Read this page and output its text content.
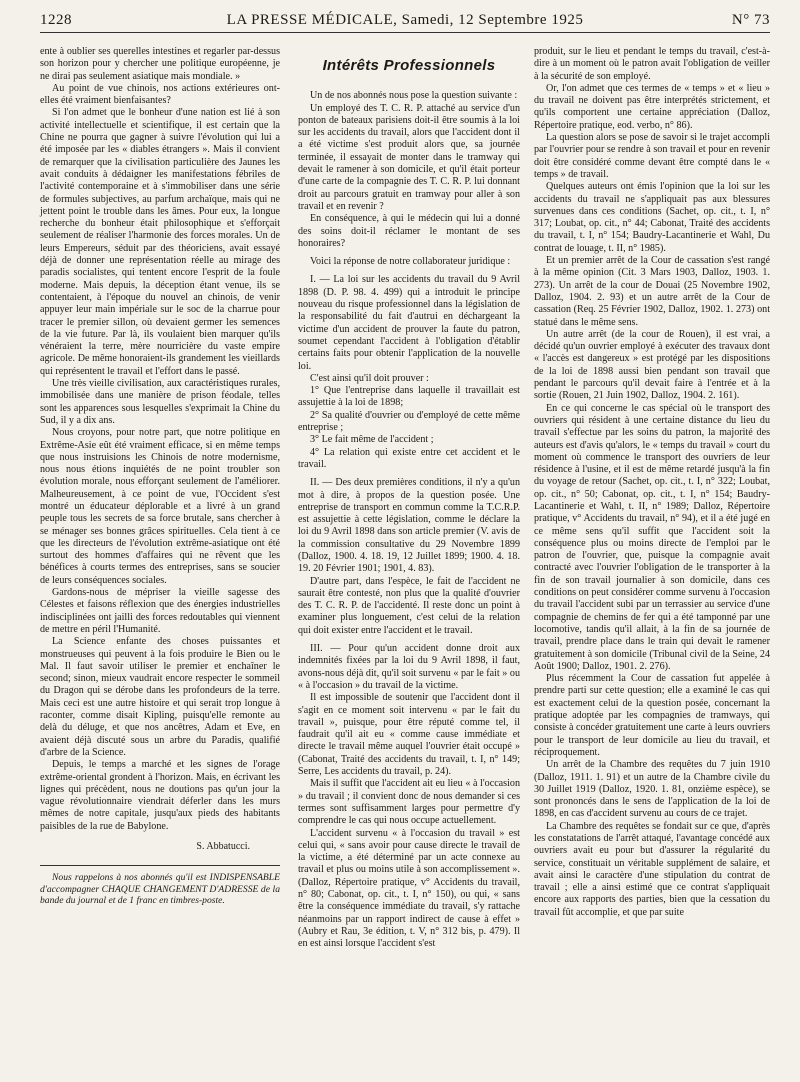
1228	LA PRESSE MÉDICALE, Samedi, 12 Septembre 1925	N° 73

ente à oublier ses querelles intestines et regarler par-dessus son horizon pour y chercher une politique européenne, je ne dirai pas seulement asiatique mais mondiale. »

Au point de vue chinois, nos actions extérieures ont-elles été vraiment bienfaisantes?

Si l'on admet que le bonheur d'une nation est lié à son activité intellectuelle et scientifique, il est certain que la Chine ne pourra que gagner à suivre l'évolution qui lui a été imposée par les « diables étrangers ». Mais il convient de remarquer que la civilisation particulière des Jaunes les avait conduits à dédaigner les manifestations fébriles de l'activité contemporaine et à s'immobiliser dans une série de formules subjectives, au parfum archaïque, mais qui ne jettent point le trouble dans les âmes. Pour eux, la longue recherche du bonheur était philosophique et s'efforçait seulement de réaliser l'harmonie des forces morales. Un de leurs Empereurs, séduit par des théoriciens, avait essayé déjà de donner une représentation réelle au mirage des paradis socialistes, qui tentent encore l'esprit de la foule moderne. Mais depuis, la déception étant venue, ils se contentaient, à l'époque du nouvel an chinois, de venir appuyer leur main impériale sur le soc de la charrue pour tracer le premier sillon, où devaient germer les semences de la vie future. Par là, ils voulaient bien marquer qu'ils vénéraient la terre, mère nourricière du vaste empire agricole. De même honoraient-ils grandement les vieillards qui représentent le travail et l'effort dans le passé.

Une très vieille civilisation, aux caractéristiques rurales, immobilisée dans une manière de prison féodale, telles sont les apparences sous lesquelles s'exprimait la Chine du Sud, il y a dix ans.

Nous croyons, pour notre part, que notre politique en Extrême-Asie eût été vraiment efficace, si en même temps que nous instruisions les Chinois de notre modernisme, nous nous étions inquiétés de ne point troubler son évolution morale, nous efforçant seulement de l'améliorer. Malheureusement, à ce point de vue, l'Occident s'est montré un éducateur déplorable et a livré à un grand peuple tous les secrets de sa force brutale, sans chercher à se ménager ses bonnes grâces spirituelles. Cela tient à ce que les directeurs de l'évolution extrême-asiatique ont été surtout des hommes d'affaires qui ne rêvent que les bénéfices à courts termes des entreprises, sans se soucier de leurs conséquences sociales.

Gardons-nous de mépriser la vieille sagesse des Célestes et faisons réflexion que des énergies industrielles indisciplinées ont jailli des forces redoutables qui viennent de mettre en péril l'Humanité.

La Science enfante des choses puissantes et monstrueuses qui peuvent à la fois produire le Bien ou le Mal. Il faut savoir utiliser le premier et enchaîner le second; sinon, mieux vaudrait encore respecter le sommeil du Dragon qui se dérobe dans les profondeurs de la terre. Mais ceci est une autre histoire et qui serait trop longue à raconter, comme disait Kipling, puisqu'elle remonte au delà du déluge, et que nos ancêtres, Adam et Eve, en avaient déjà discuté sous un arbre du Paradis, qualifié d'arbre de la Science.

Depuis, le temps a marché et les signes de l'orage extrême-oriental grondent à l'horizon. Mais, en écrivant les lignes qui précèdent, nous ne doutions pas qu'un jour la vague révolutionnaire viendrait déferler dans les murs mêmes de notre capitale, jusqu'aux pieds des habitants paisibles de la rue de Babylone.

S. Abbatucci.

Nous rappelons à nos abonnés qu'il est INDISPENSABLE d'accompagner CHAQUE CHANGEMENT D'ADRESSE de la bande du journal et de 1 franc en timbres-poste.

Intérêts Professionnels

Un de nos abonnés nous pose la question suivante :

Un employé des T. C. R. P. attaché au service d'un ponton de bateaux parisiens doit-il être soumis à la loi sur les accidents du travail, alors que l'accident dont il a été victime s'est produit alors que, sa journée terminée, il essayait de monter dans le tramway qui devait le ramener à son domicile, et qu'il était porteur d'une carte de la compagnie des T. C. R. P. lui donnant droit au parcours gratuit en tramway pour aller à son travail et en revenir ?

En conséquence, à qui le médecin qui lui a donné des soins doit-il réclamer le montant de ses honoraires?

Voici la réponse de notre collaborateur juridique :

I. — La loi sur les accidents du travail du 9 Avril 1898 (D. P. 98. 4. 499) qui a introduit le principe nouveau du risque professionnel dans la législation de la responsabilité du fait d'autrui en déchargeant la victime d'un accident de prouver la faute du patron, soumet cependant l'accident à l'obligation d'établir certains faits pour obtenir l'application de la nouvelle loi.

C'est ainsi qu'il doit prouver :

1° Que l'entreprise dans laquelle il travaillait est assujettie à la loi de 1898;

2° Sa qualité d'ouvrier ou d'employé de cette même entreprise ;

3° Le fait même de l'accident ;

4° La relation qui existe entre cet accident et le travail.

II. — Des deux premières conditions, il n'y a qu'un mot à dire, à propos de la question posée. Une entreprise de transport en commun comme la T.C.R.P. est assujettie à cette législation, comme le déclare la loi du 9 Avril 1898 dans son article premier (V. avis de la commission consultative du 29 Novembre 1899 (Dalloz, 1900. 4. 18. 19, 12 Juillet 1899; 1900. 4. 18. 19. 20 Février 1901; 1901, 4. 83).

D'autre part, dans l'espèce, le fait de l'accident ne saurait être contesté, non plus que la qualité d'ouvrier des T. C. R. P. de l'accidenté. Il reste donc un point à examiner plus longuement, c'est celui de la relation qui doit exister entre l'accident et le travail.

III. — Pour qu'un accident donne droit aux indemnités fixées par la loi du 9 Avril 1898, il faut, avons-nous déjà dit, qu'il soit survenu « par le fait » ou « à l'occasion » du travail de la victime.

Il est impossible de soutenir que l'accident dont il s'agit en ce moment soit intervenu « par le fait du travail », puisque, pour être réputé comme tel, il faudrait qu'il ait eu « comme cause immédiate et directe le travail même auquel l'ouvrier était occupé » (Cabonat, Traité des accidents du travail, t. I, n° 149; Serre, Les accidents du travail, p. 24).

Mais il suffit que l'accident ait eu lieu « à l'occasion » du travail ; il convient donc de nous demander si ces termes sont suffisamment larges pour permettre d'y comprendre le cas qui nous occupe actuellement.

L'accident survenu « à l'occasion du travail » est celui qui, « sans avoir pour cause directe le travail de la victime, a été déterminé par un acte connexe au travail et plus ou moins utile à son accomplissement ». (Dalloz, Répertoire pratique, v° Accidents du travail, n° 80; Cabonat, op. cit., t. I, n° 150), ou qui, « sans être la conséquence immédiate du travail, s'y rattache néanmoins par un rapport indirect de cause à effet » (Aubry et Rau, 3e édition, t. V, n° 312 bis, p. 479). Il en est ainsi lorsque l'accident s'est

produit, sur le lieu et pendant le temps du travail, c'est-à-dire à un moment où le patron avait l'obligation de veiller à la sécurité de son employé.

Or, l'on admet que ces termes de « temps » et « lieu » du travail ne doivent pas être interprétés strictement, et qu'ils comportent une certaine appréciation (Dalloz, Répertoire pratique, eod. verbo, n° 86).

La question alors se pose de savoir si le trajet accompli par l'ouvrier pour se rendre à son travail et pour en revenir doit être considéré comme devant être compté dans le « temps » de travail.

Quelques auteurs ont émis l'opinion que la loi sur les accidents du travail ne s'appliquait pas aux blessures survenues dans ces conditions (Sachet, op. cit., t. I, n° 317; Loubat, op. cit., n° 44; Cabonat, Traité des accidents du travail, t. I, n° 154; Baudry-Lacantinerie et Wahl, Du contrat de louage, t. II, n° 1985).

Et un premier arrêt de la Cour de cassation s'est rangé à la même opinion (Cit. 3 Mars 1903, Dalloz, 1903. 1. 273). Un arrêt de la cour de Douai (25 Novembre 1902, Dalloz, 1904. 2. 93) et un autre arrêt de la Cour de cassation (Req. 25 Février 1902, Dalloz, 1902. 1. 273) ont statué dans le même sens.

Un autre arrêt (de la cour de Rouen), il est vrai, a décidé qu'un ouvrier employé à exécuter des travaux dont « l'accès est dangereux » est protégé par les dispositions de la loi de 1898 aussi bien pendant son travail que pendant le parcours qu'il devait faire à l'entrée et à la sortie (Rouen, 21 Juin 1902, Dalloz, 1904. 2. 161).

En ce qui concerne le cas spécial où le transport des ouvriers qui résident à une certaine distance du lieu du travail s'effectue par les soins du patron, la majorité des auteurs est d'avis qu'alors, le « temps du travail » court du moment où commence le transport des ouvriers de leur résidence à l'usine, et il est de même retardé jusqu'à la fin du voyage de retour (Sachet, op. cit., t. I, n° 322; Loubat, op. cit., n° 50; Cabonat, op. cit., t. I, n° 154; Baudry-Lacantinerie et Wahl, t. II, n° 1989; Dalloz, Répertoire pratique, v° Accidents du travail, n° 94), et il a été jugé en ce même sens qu'il suffit que l'accident soit la conséquence plus ou moins directe de l'emploi par le patron de l'ouvrier, que, puisque la compagnie avait contracté avec l'ouvrier l'obligation de le transporter à la fin de son travail journalier à son domicile, dans ces conditions on peut considérer comme survenu à l'occasion du travail l'accident subi par un terrassier au service d'une compagnie de chemins de fer qui a été tamponné par une locomotive, tandis qu'il allait, à la fin de sa journée de travail, prendre place dans le train qui devait le ramener gratuitement à son domicile (Tribunal civil de la Seine, 24 Août 1900; Dalloz, 1901. 2. 276).

Plus récemment la Cour de cassation fut appelée à prendre parti sur cette question; elle a examiné le cas qui est exactement celui de la question posée, concernant la pratique adoptée par les compagnies de tramways, qui consiste à concéder gratuitement une carte à leurs ouvriers pour le transport de leur domicile au lieu du travail, et réciproquement.

Un arrêt de la Chambre des requêtes du 7 juin 1910 (Dalloz, 1911. 1. 91) et un autre de la Chambre civile du 30 Juillet 1919 (Dalloz, 1920. 1. 81, onzième espèce), se sont prononcés dans le sens de l'application de la loi de 1898, en cas d'accident survenu au cours de ce trajet.

La Chambre des requêtes se fondait sur ce que, d'après les constatations de l'arrêt attaqué, l'avantage concédé aux ouvriers avait eu pour but d'assurer la régularité du service, constituait un véritable supplément de salaire, et avait ainsi le caractère d'une stipulation du contrat de travail ; elle a ainsi estimé que ce contrat s'appliquait encore aux rapports des parties, bien que la cessation du travail fût accomplie, et que par suite
